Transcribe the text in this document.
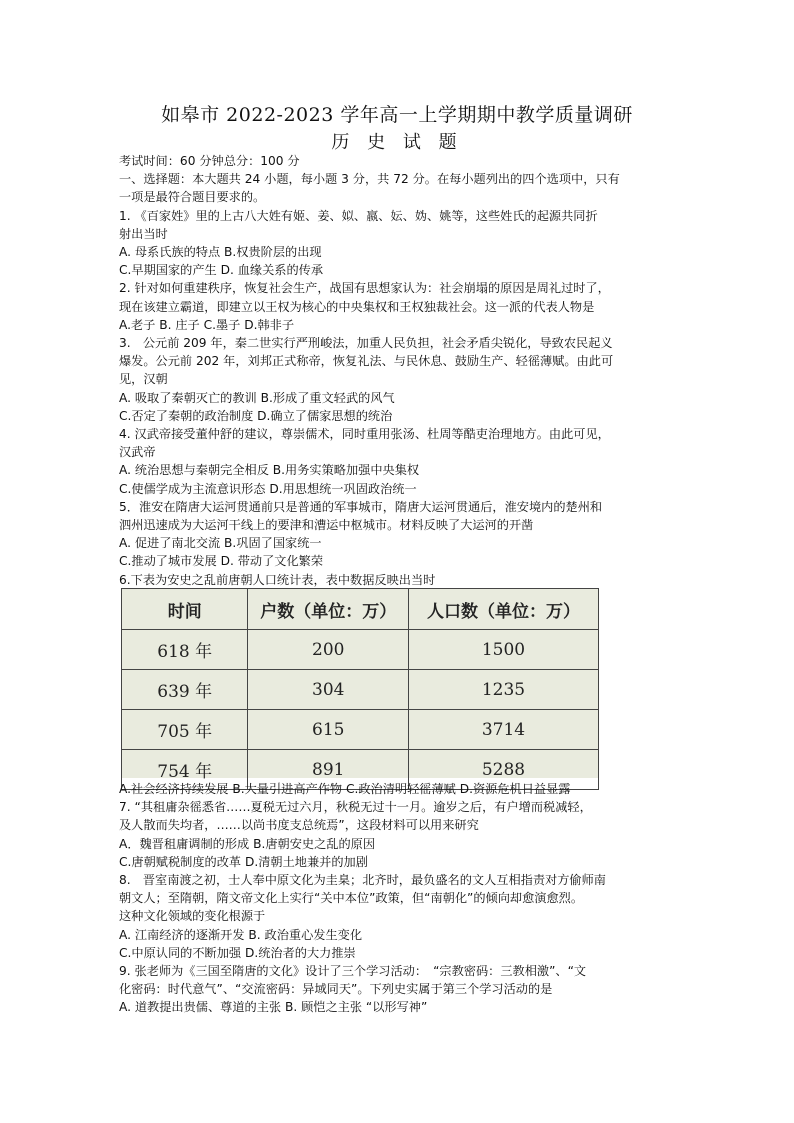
如皋市 2022-2023 学年高一上学期期中教学质量调研
历 史 试 题

考试时间：60 分钟总分：100 分

一、选择题：本大题共 24 小题，每小题 3 分，共 72 分。在每小题列出的四个选项中，只有

一项是最符合题目要求的。

1. 《百家姓》里的上古八大姓有姬、姜、姒、嬴、妘、妫、姚等，这些姓氏的起源共同折

射出当时

A. 母系氏族的特点 B.权贵阶层的出现

C.早期国家的产生 D. 血缘关系的传承

2. 针对如何重建秩序，恢复社会生产，战国有思想家认为：社会崩塌的原因是周礼过时了，

现在该建立霸道，即建立以王权为核心的中央集权和王权独裁社会。这一派的代表人物是

A.老子 B. 庄子 C.墨子 D.韩非子

3.　公元前 209 年，秦二世实行严刑峻法，加重人民负担，社会矛盾尖锐化，导致农民起义

爆发。公元前 202 年，刘邦正式称帝，恢复礼法、与民休息、鼓励生产、轻徭薄赋。由此可

见，汉朝

A. 吸取了秦朝灭亡的教训 B.形成了重文轻武的风气

C.否定了秦朝的政治制度 D.确立了儒家思想的统治

4. 汉武帝接受董仲舒的建议，尊崇儒术，同时重用张汤、杜周等酷吏治理地方。由此可见，

汉武帝

A. 统治思想与秦朝完全相反 B.用务实策略加强中央集权

C.使儒学成为主流意识形态 D.用思想统一巩固政治统一

5．淮安在隋唐大运河贯通前只是普通的军事城市，隋唐大运河贯通后，淮安境内的楚州和

泗州迅速成为大运河干线上的要津和漕运中枢城市。材料反映了大运河的开凿

A. 促进了南北交流 B.巩固了国家统一

C.推动了城市发展 D. 带动了文化繁荣

6.下表为安史之乱前唐朝人口统计表，表中数据反映出当时

时间	户数（单位：万）	人口数（单位：万）
618 年	200	1500
639 年	304	1235
705 年	615	3714
754 年	891	5288

A.社会经济持续发展 B.大量引进高产作物 C.政治清明轻徭薄赋 D.资源危机日益显露

7. “其租庸杂徭悉省……夏税无过六月，秋税无过十一月。逾岁之后，有户增而税减轻，

及人散而失均者，……以尚书度支总统焉”，这段材料可以用来研究

A．魏晋租庸调制的形成 B.唐朝安史之乱的原因

C.唐朝赋税制度的改革 D.清朝土地兼并的加剧

8.　晋室南渡之初，士人奉中原文化为圭臬；北齐时，最负盛名的文人互相指责对方偷师南

朝文人；至隋朝，隋文帝文化上实行“关中本位”政策，但“南朝化”的倾向却愈演愈烈。

这种文化领域的变化根源于

A. 江南经济的逐渐开发 B. 政治重心发生变化

C.中原认同的不断加强 D.统治者的大力推崇

9. 张老师为《三国至隋唐的文化》设计了三个学习活动：　“宗教密码：三教相激”、“文

化密码：时代意气”、“交流密码：异域同天”。下列史实属于第三个学习活动的是

A. 道教提出贵儒、尊道的主张 B. 顾恺之主张 “以形写神”
